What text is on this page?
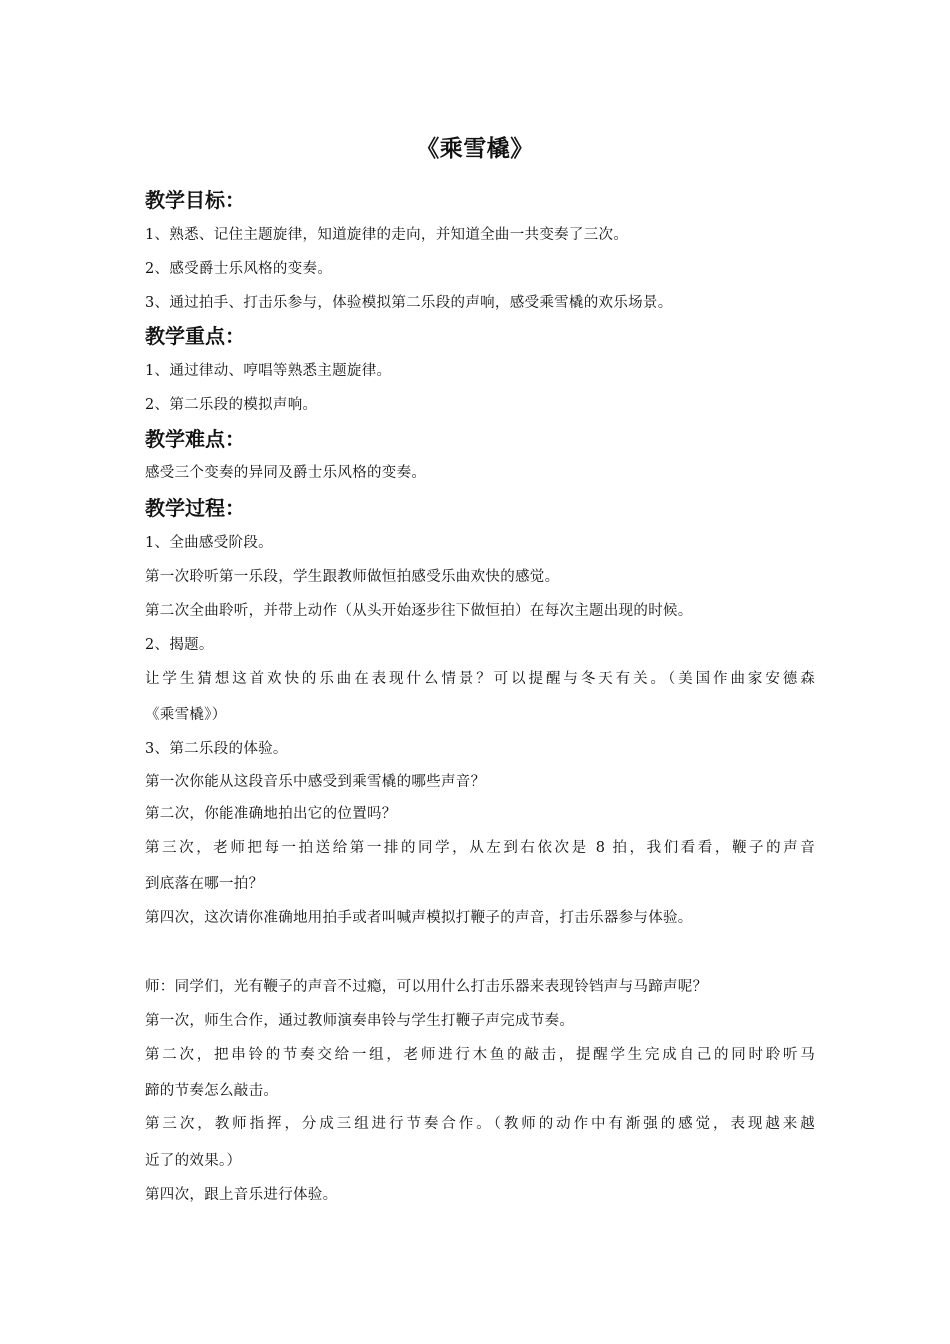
《乘雪橇》
教学目标：
1、熟悉、记住主题旋律，知道旋律的走向，并知道全曲一共变奏了三次。
2、感受爵士乐风格的变奏。
3、通过拍手、打击乐参与，体验模拟第二乐段的声响，感受乘雪橇的欢乐场景。
教学重点：
1、通过律动、哼唱等熟悉主题旋律。
2、第二乐段的模拟声响。
教学难点：
感受三个变奏的异同及爵士乐风格的变奏。
教学过程：
1、全曲感受阶段。
第一次聆听第一乐段，学生跟教师做恒拍感受乐曲欢快的感觉。
第二次全曲聆听，并带上动作（从头开始逐步往下做恒拍）在每次主题出现的时候。
2、揭题。
让学生猜想这首欢快的乐曲在表现什么情景？可以提醒与冬天有关。（美国作曲家安德森
《乘雪橇》）
3、第二乐段的体验。
第一次你能从这段音乐中感受到乘雪橇的哪些声音？
第二次，你能准确地拍出它的位置吗？
第三次，老师把每一拍送给第一排的同学，从左到右依次是 8 拍，我们看看，鞭子的声音
到底落在哪一拍？
第四次，这次请你准确地用拍手或者叫喊声模拟打鞭子的声音，打击乐器参与体验。
师：同学们，光有鞭子的声音不过瘾，可以用什么打击乐器来表现铃铛声与马蹄声呢？
第一次，师生合作，通过教师演奏串铃与学生打鞭子声完成节奏。
第二次，把串铃的节奏交给一组，老师进行木鱼的敲击，提醒学生完成自己的同时聆听马
蹄的节奏怎么敲击。
第三次，教师指挥，分成三组进行节奏合作。（教师的动作中有渐强的感觉，表现越来越
近了的效果。）
第四次，跟上音乐进行体验。
